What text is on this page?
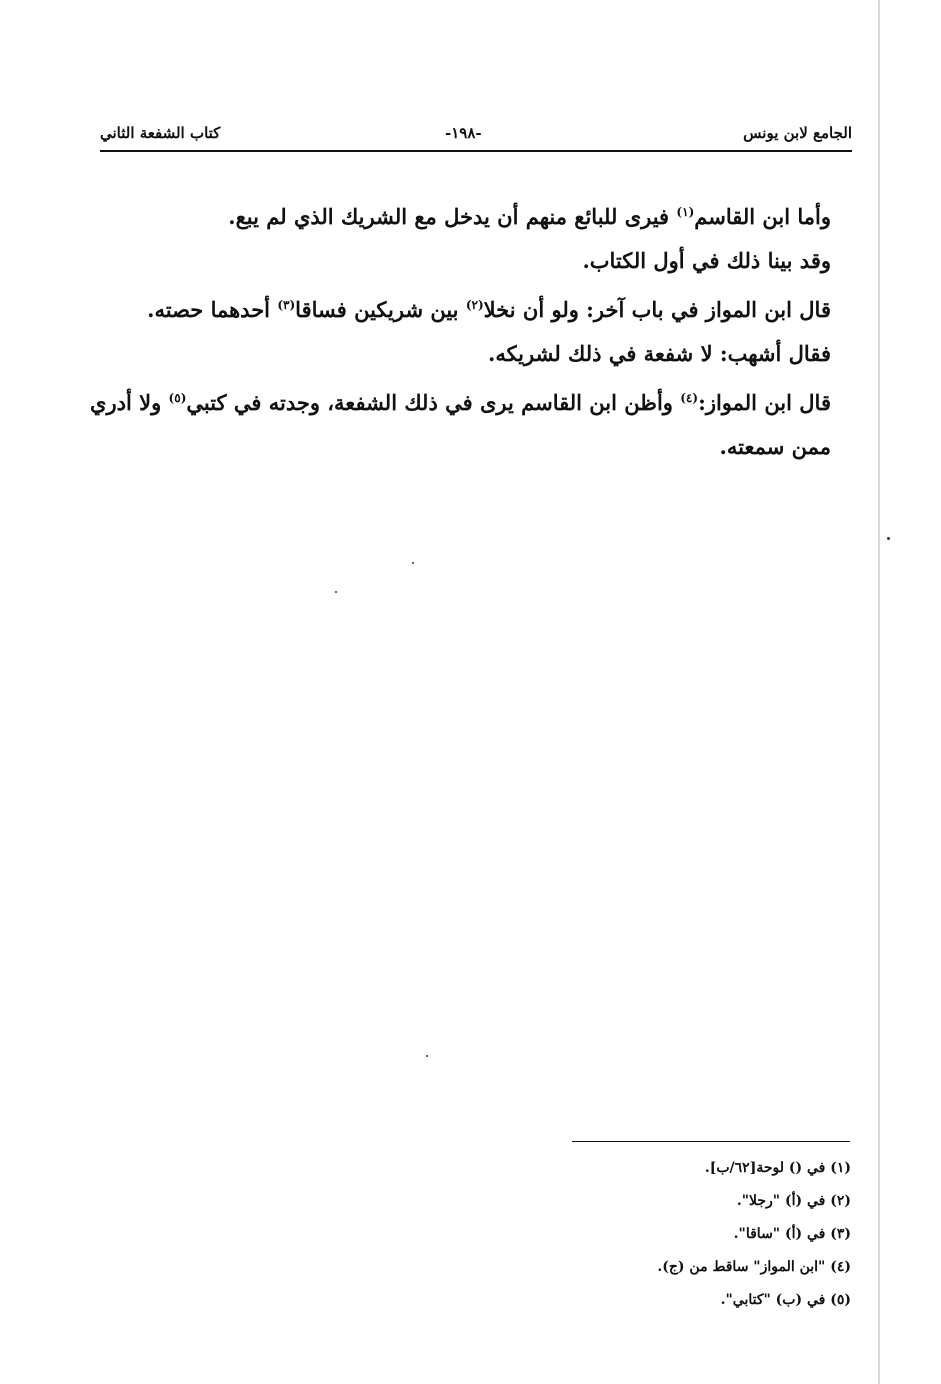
الجامع لابن يونس
-١٩٨-
كتاب الشفعة الثاني

وأما ابن القاسم$^{(١)}$ فيرى للبائع منهم أن يدخل مع الشريك الذي لم يبع.

وقد بينا ذلك في أول الكتاب.

قال ابن المواز في باب آخر: ولو أن نخلا$^{(٢)}$ بين شريكين فساقا$^{(٣)}$ أحدهما حصته.

فقال أشهب: لا شفعة في ذلك لشريكه.

قال ابن المواز:$^{(٤)}$ وأظن ابن القاسم يرى في ذلك الشفعة، وجدته في كتبي$^{(٥)}$ ولا أدري ممن سمعته.

(١) في () لوحة[٦٢/ب].
(٢) في (أ) "رجلا".
(٣) في (أ) "ساقا".
(٤) "ابن المواز" ساقط من (ج).
(٥) في (ب) "كتابي".
